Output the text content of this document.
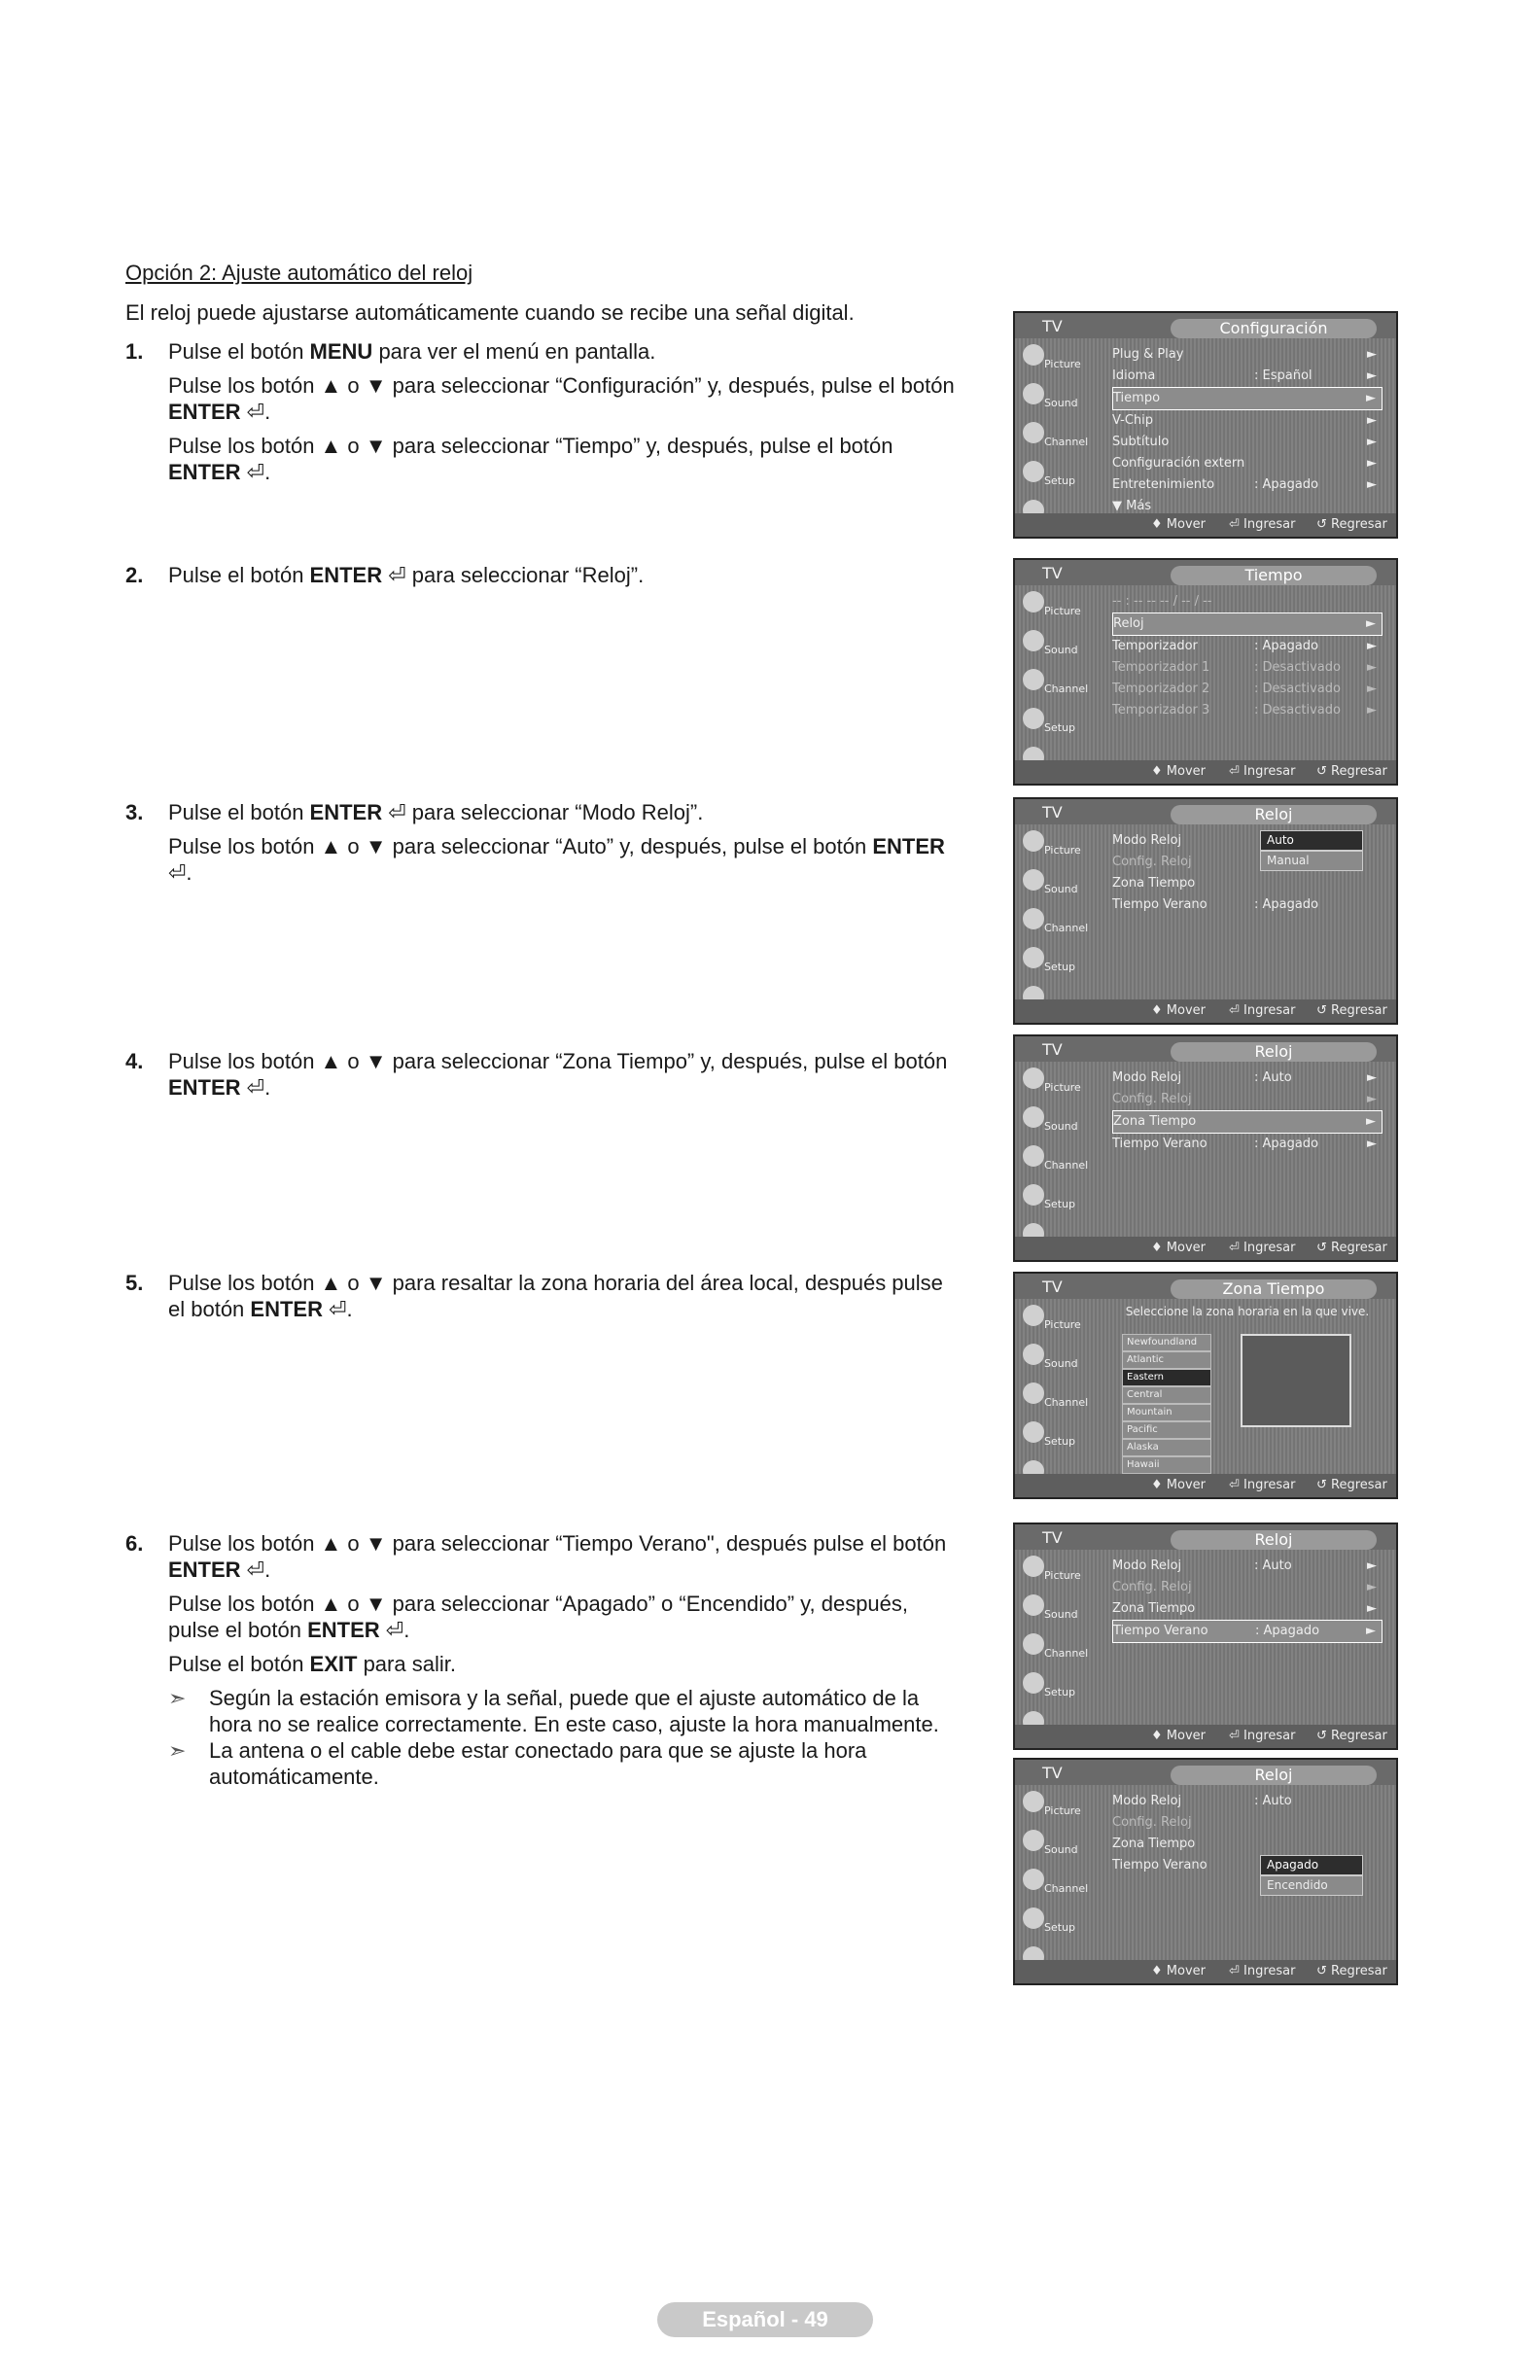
Opción 2: Ajuste automático del reloj
El reloj puede ajustarse automáticamente cuando se recibe una señal digital.
1. Pulse el botón MENU para ver el menú en pantalla.

Pulse los botón ▲ o ▼ para seleccionar “Configuración” y, después, pulse el botón ENTER ⏎.

Pulse los botón ▲ o ▼ para seleccionar “Tiempo” y, después, pulse el botón ENTER ⏎.

2. Pulse el botón ENTER ⏎ para seleccionar “Reloj”.

3. Pulse el botón ENTER ⏎ para seleccionar “Modo Reloj”.

Pulse los botón ▲ o ▼ para seleccionar “Auto” y, después, pulse el botón ENTER ⏎.

4. Pulse los botón ▲ o ▼ para seleccionar “Zona Tiempo” y, después, pulse el botón ENTER ⏎.

5. Pulse los botón ▲ o ▼ para resaltar la zona horaria del área local, después pulse el botón ENTER ⏎.

6. Pulse los botón ▲ o ▼ para seleccionar “Tiempo Verano", después pulse el botón ENTER ⏎.

Pulse los botón ▲ o ▼ para seleccionar “Apagado” o “Encendido” y, después, pulse el botón ENTER ⏎.

Pulse el botón EXIT para salir.

➣ Según la estación emisora y la señal, puede que el ajuste automático de la hora no se realice correctamente. En este caso, ajuste la hora manualmente.
➣ La antena o el cable debe estar conectado para que se ajuste la hora automáticamente.
TV	Configuración
Picture
Sound
Channel
Setup
Plug & Play	►
Idioma	: Español	►
Tiempo	►
V-Chip	►
Subtítulo	►
Configuración extern	►
Entretenimiento	: Apagado	►
▼ Más
♦ Mover ⏎ Ingresar ↺ Regresar
TV	Tiempo
Picture
Sound
Channel
Setup
-- : -- -- -- / -- / --
Reloj	►
Temporizador	: Apagado	►
Temporizador 1	: Desactivado ►
Temporizador 2	: Desactivado ►
Temporizador 3	: Desactivado ►
♦ Mover ⏎ Ingresar ↺ Regresar
TV	Reloj
Picture
Sound
Channel
Setup
Modo Reloj
Config. Reloj
Zona Tiempo
Tiempo Verano	: Apagado
Auto
Manual
♦ Mover ⏎ Ingresar ↺ Regresar
TV	Reloj
Picture
Sound
Channel
Setup
Modo Reloj	: Auto	►
Config. Reloj	►
Zona Tiempo	►
Tiempo Verano	: Apagado	►
♦ Mover ⏎ Ingresar ↺ Regresar
TV	Zona Tiempo
Picture
Sound
Channel
Setup
Seleccione la zona horaria en la que vive.
Newfoundland
Atlantic
Eastern
Central
Mountain
Pacific
Alaska
Hawaii
♦ Mover ⏎ Ingresar ↺ Regresar
TV	Reloj
Picture
Sound
Channel
Setup
Modo Reloj	: Auto	►
Config. Reloj	►
Zona Tiempo	►
Tiempo Verano	: Apagado	►
♦ Mover ⏎ Ingresar ↺ Regresar
TV	Reloj
Picture
Sound
Channel
Setup
Modo Reloj	: Auto
Config. Reloj
Zona Tiempo
Tiempo Verano	Apagado
Encendido
♦ Mover ⏎ Ingresar ↺ Regresar
Español - 49
